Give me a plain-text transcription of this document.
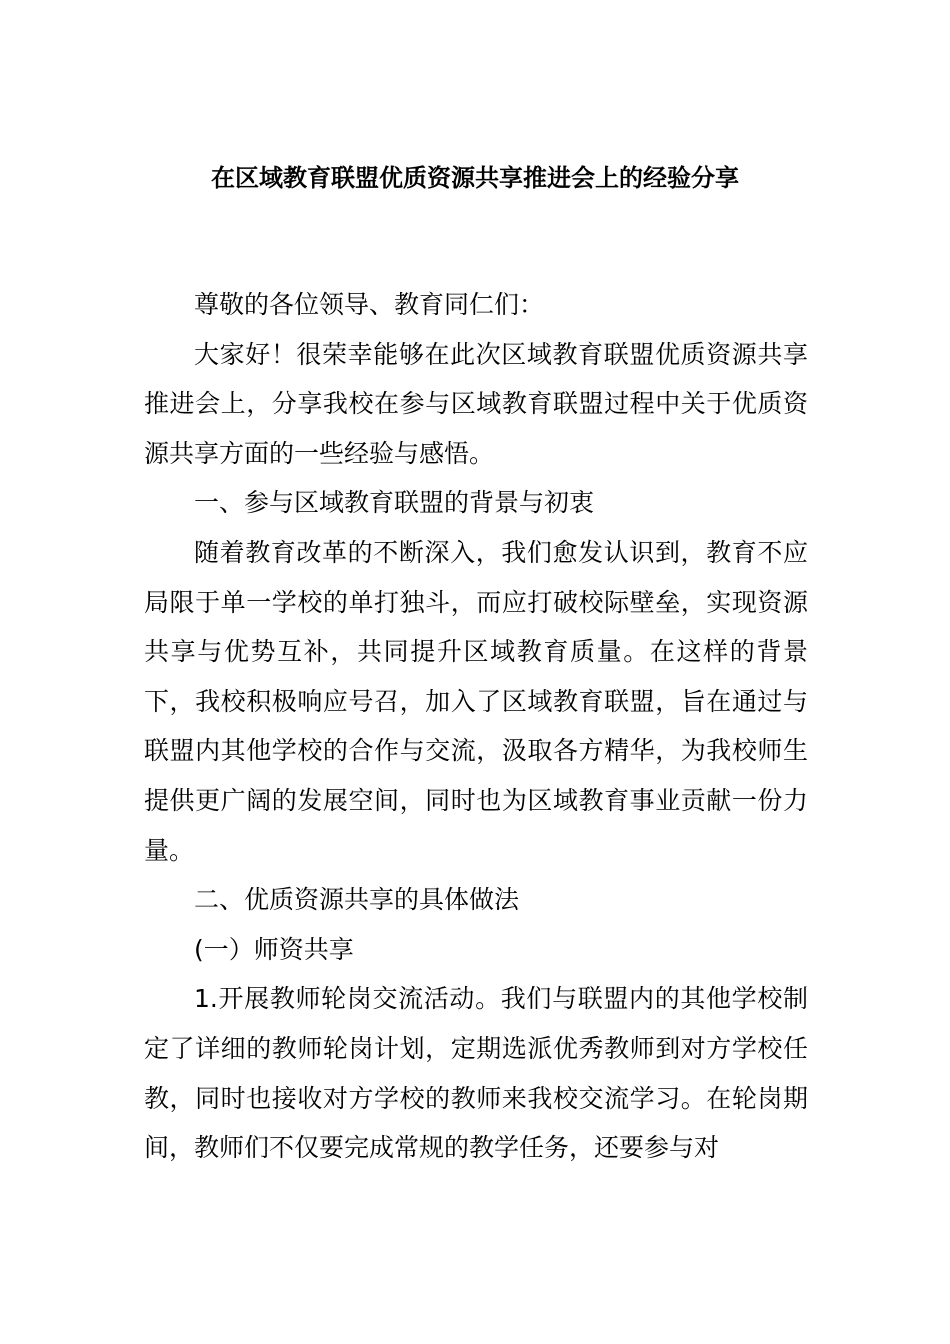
在区域教育联盟优质资源共享推进会上的经验分享

尊敬的各位领导、教育同仁们：

大家好！很荣幸能够在此次区域教育联盟优质资源共享推进会上，分享我校在参与区域教育联盟过程中关于优质资源共享方面的一些经验与感悟。

一、参与区域教育联盟的背景与初衷

随着教育改革的不断深入，我们愈发认识到，教育不应局限于单一学校的单打独斗，而应打破校际壁垒，实现资源共享与优势互补，共同提升区域教育质量。在这样的背景下，我校积极响应号召，加入了区域教育联盟，旨在通过与联盟内其他学校的合作与交流，汲取各方精华，为我校师生提供更广阔的发展空间，同时也为区域教育事业贡献一份力量。

二、优质资源共享的具体做法

(一）师资共享

1.开展教师轮岗交流活动。我们与联盟内的其他学校制定了详细的教师轮岗计划，定期选派优秀教师到对方学校任教，同时也接收对方学校的教师来我校交流学习。在轮岗期间，教师们不仅要完成常规的教学任务，还要参与对
